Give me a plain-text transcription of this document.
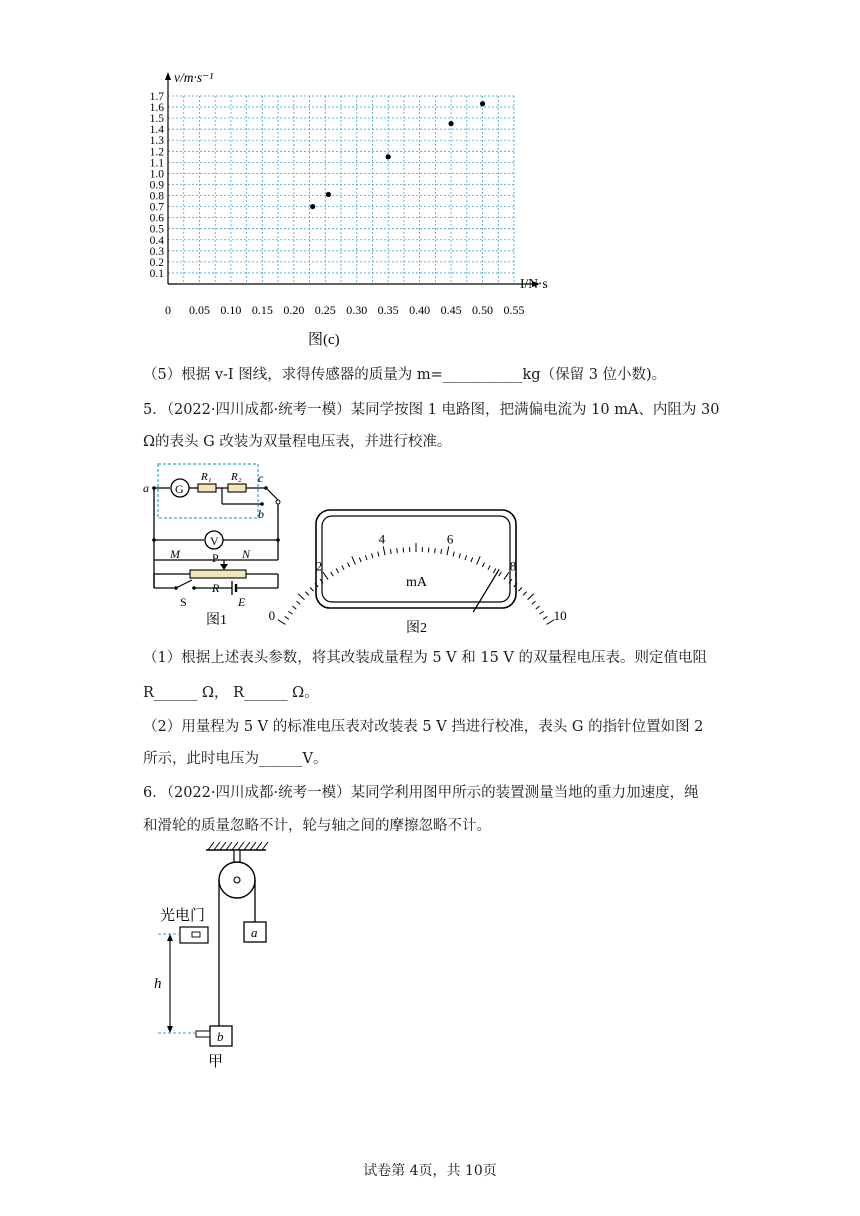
0 0.05 0.10 0.15 0.20 0.25 0.30 0.35 0.40 0.45 0.50 0.55
0.1
0.2
0.3
0.4
0.5
0.6
0.7
0.8
0.9
1.0
1.1
1.2
1.3
1.4
1.5
1.6
1.7
v/m·s⁻¹
I/N·s
图(c)
（5）根据 v-I 图线，求得传感器的质量为 m=___________kg（保留 3 位小数)。
5．（2022·四川成都·统考一模）某同学按图 1 电路图，把满偏电流为 10 mA、内阻为 30
Ω的表头 G 改装为双量程电压表，并进行校准。
G
R₁ R₂
a
c
b
V
M	P N
R
S	E
图1	0
2
4	6
8
10
mA
图2
（1）根据上述表头参数，将其改装成量程为 5 V 和 15 V 的双量程电压表。则定值电阻
R______ Ω， R______ Ω。
（2）用量程为 5 V 的标准电压表对改装表 5 V 挡进行校准，表头 G 的指针位置如图 2
所示，此时电压为______V。
6．（2022·四川成都·统考一模）某同学利用图甲所示的装置测量当地的重力加速度，绳
和滑轮的质量忽略不计，轮与轴之间的摩擦忽略不计。
a
b
光电门
h
甲
试卷第 4页，共 10页
